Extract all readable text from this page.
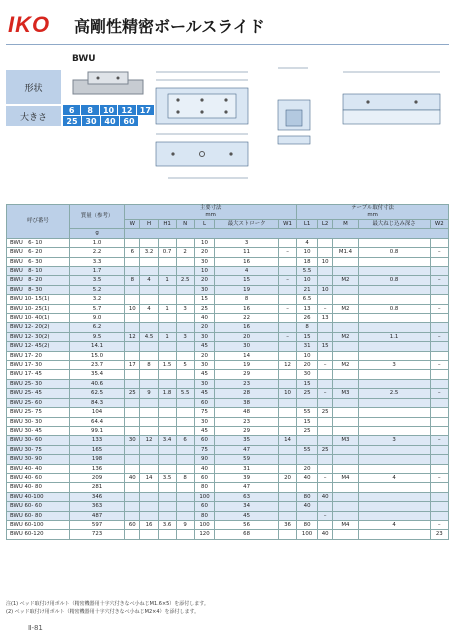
IKO 高剛性精密ボールスライド
BWU
形状
大きさ
6	8	10 12 17
25 30 40 60
呼び番号	質量（参考）	主要寸法
mm							テーブル取付寸法
mm				
		W	H	H1	N	L	最大ストローク	W1	L1	L2	M	最大ねじ込み深さ	W2
	g												
BWU　6- 10	1.0					10	3		4				
BWU　6- 20	2.2	6	3.2	0.7	2	20	11	–	10		M1.4	0.8	–
BWU　6- 30	3.3					30	16		18	10			
BWU　8- 10	1.7					10	4		5.5				
BWU　8- 20	3.5	8	4	1	2.5	20	15	–	10		M2	0.8	–
BWU　8- 30	5.2					30	19		21	10			
BWU 10- 15(1)	3.2					15	8		6.5				
BWU 10- 25(1)	5.7	10	4	1	3	25	16	–	13	–	M2	0.8	–
BWU 10- 40(1)	9.0					40	22		26	13			
BWU 12- 20(2)	6.2					20	16		8				
BWU 12- 30(2)	9.5	12	4.5	1	3	30	20	–	15		M2	1.1	–
BWU 12- 45(2)	14.1					45	30		31	15			
BWU 17- 20	15.0					20	14		10				
BWU 17- 30	23.7	17	8	1.5	5	30	19	12	20	–	M2	3	–
BWU 17- 45	35.4					45	29		30				
BWU 25- 30	40.6					30	23		15				
BWU 25- 45	62.5	25	9	1.8	5.5	45	28	10	25	–	M3	2.5	–
BWU 25- 60	84.3					60	38						
BWU 25- 75	104					75	48		55	25			
BWU 30- 30	64.4					30	23		15				
BWU 30- 45	99.1					45	29		25				
BWU 30- 60	133	30	12	3.4	6	60	35	14			M3	3	–
BWU 30- 75	165					75	47		55	25			
BWU 30- 90	198					90	59						
BWU 40- 40	136					40	31		20				
BWU 40- 60	209	40	14	3.5	8	60	39	20	40	–	M4	4	–
BWU 40- 80	281					80	47						
BWU 40-100	346					100	63		80	40			
BWU 60- 60	363					60	34		40				
BWU 60- 80	487					80	45			–			
BWU 60-100	597	60	16	3.6	9	100	56	36	80		M4	4	–
BWU 60-120	723					120	68		100	40			23
注(1) ベッド取付け用ボルト（精密機器用十字穴付きなべ小ねじM1.6×5）を添付します。
(2) ベッド取付け用ボルト（精密機器用十字穴付きなべ小ねじM2×4）を添付します。
Ⅱ-81
